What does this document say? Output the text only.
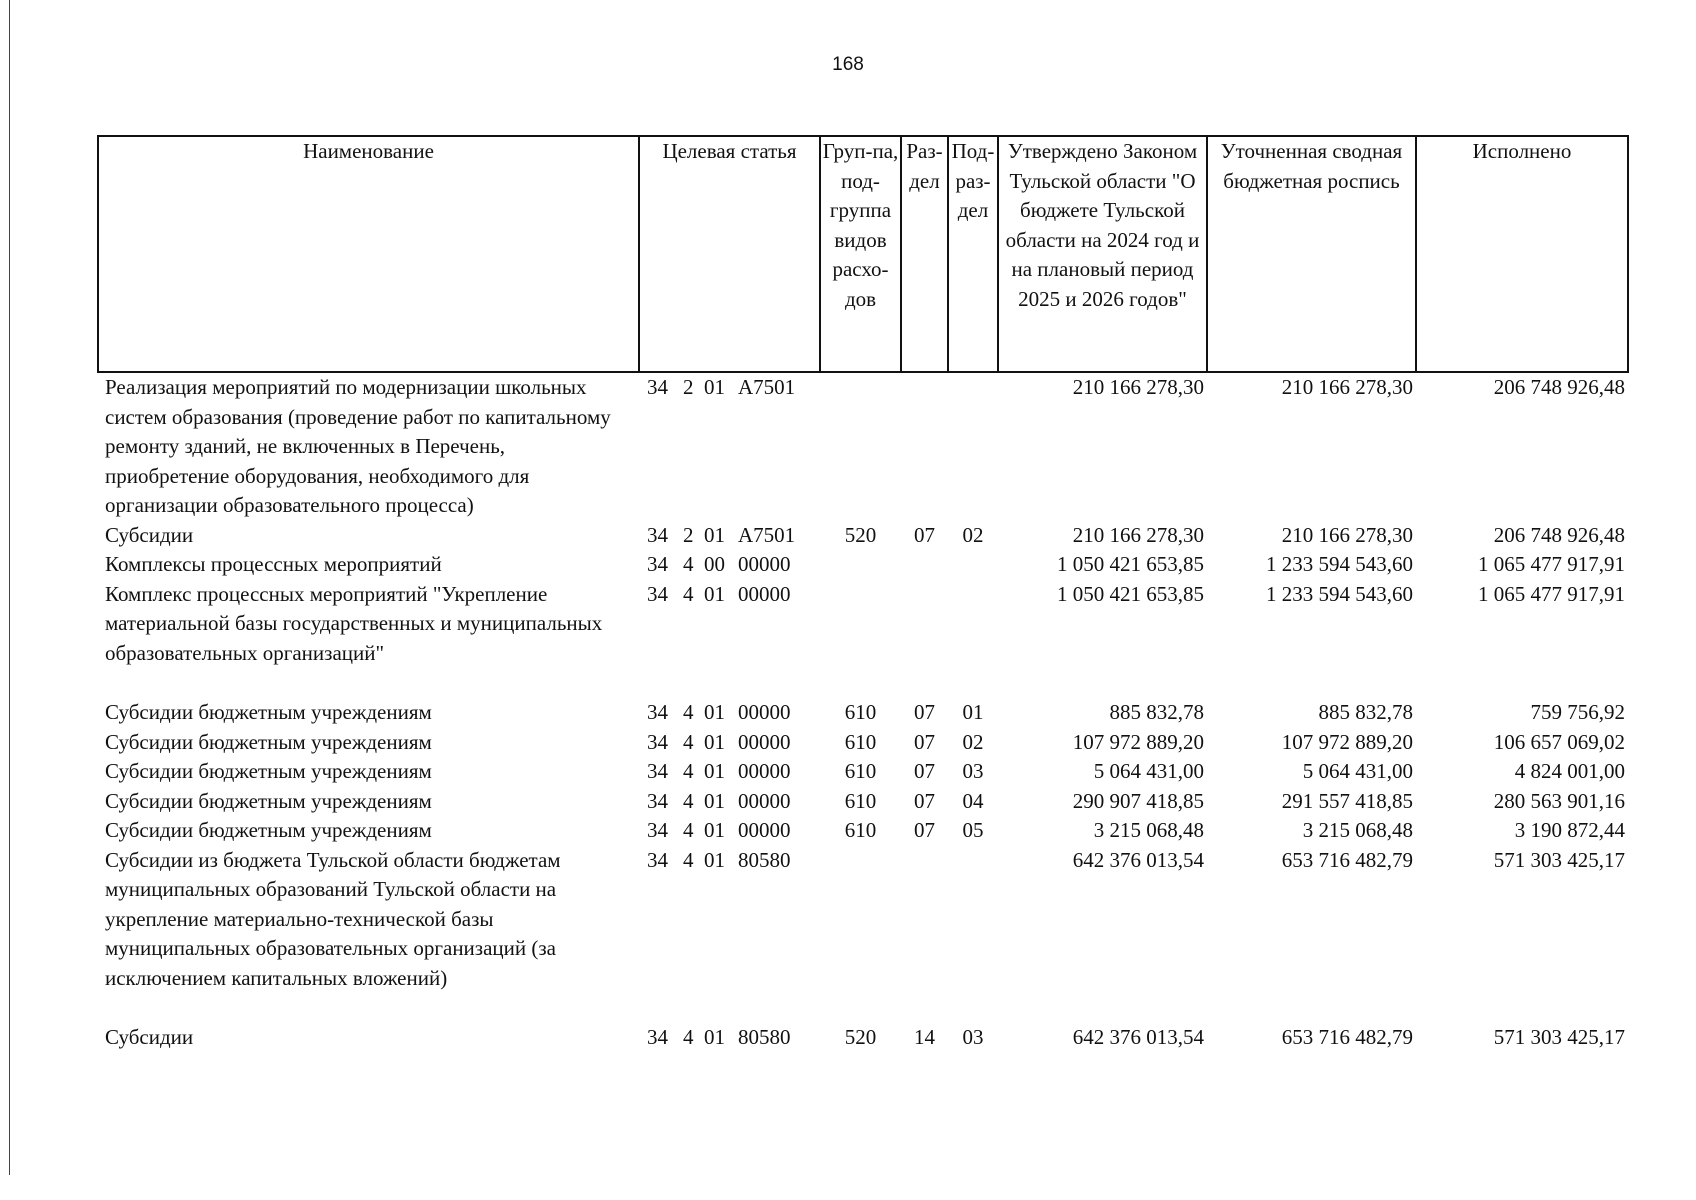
168
Наименование	Целевая статья	Груп-па, под-группа видов расхо-дов	Раз-дел	Под-раз-дел	Утверждено Законом Тульской области "О бюджете Тульской области на 2024 год и на плановый период 2025 и 2026 годов"	Уточненная сводная бюджетная роспись	Исполнено
Реализация мероприятий по модернизации школьных систем образования (проведение работ по капитальному ремонту зданий, не включенных в Перечень, приобретение оборудования, необходимого для организации образовательного процесса)	34 2 01 А7501				210 166 278,30	210 166 278,30	206 748 926,48
Субсидии	34 2 01 А7501	520	07	02	210 166 278,30	210 166 278,30	206 748 926,48
Комплексы процессных мероприятий	34 4 00 00000				1 050 421 653,85	1 233 594 543,60	1 065 477 917,91
Комплекс процессных мероприятий "Укрепление материальной базы государственных и муниципальных образовательных организаций"	34 4 01 00000				1 050 421 653,85	1 233 594 543,60	1 065 477 917,91
Субсидии бюджетным учреждениям	34 4 01 00000	610	07	01	885 832,78	885 832,78	759 756,92
Субсидии бюджетным учреждениям	34 4 01 00000	610	07	02	107 972 889,20	107 972 889,20	106 657 069,02
Субсидии бюджетным учреждениям	34 4 01 00000	610	07	03	5 064 431,00	5 064 431,00	4 824 001,00
Субсидии бюджетным учреждениям	34 4 01 00000	610	07	04	290 907 418,85	291 557 418,85	280 563 901,16
Субсидии бюджетным учреждениям	34 4 01 00000	610	07	05	3 215 068,48	3 215 068,48	3 190 872,44
Субсидии из бюджета Тульской области бюджетам муниципальных образований Тульской области на укрепление материально-технической базы муниципальных образовательных организаций (за исключением капитальных вложений)	34 4 01 80580				642 376 013,54	653 716 482,79	571 303 425,17
Субсидии	34 4 01 80580	520	14	03	642 376 013,54	653 716 482,79	571 303 425,17
